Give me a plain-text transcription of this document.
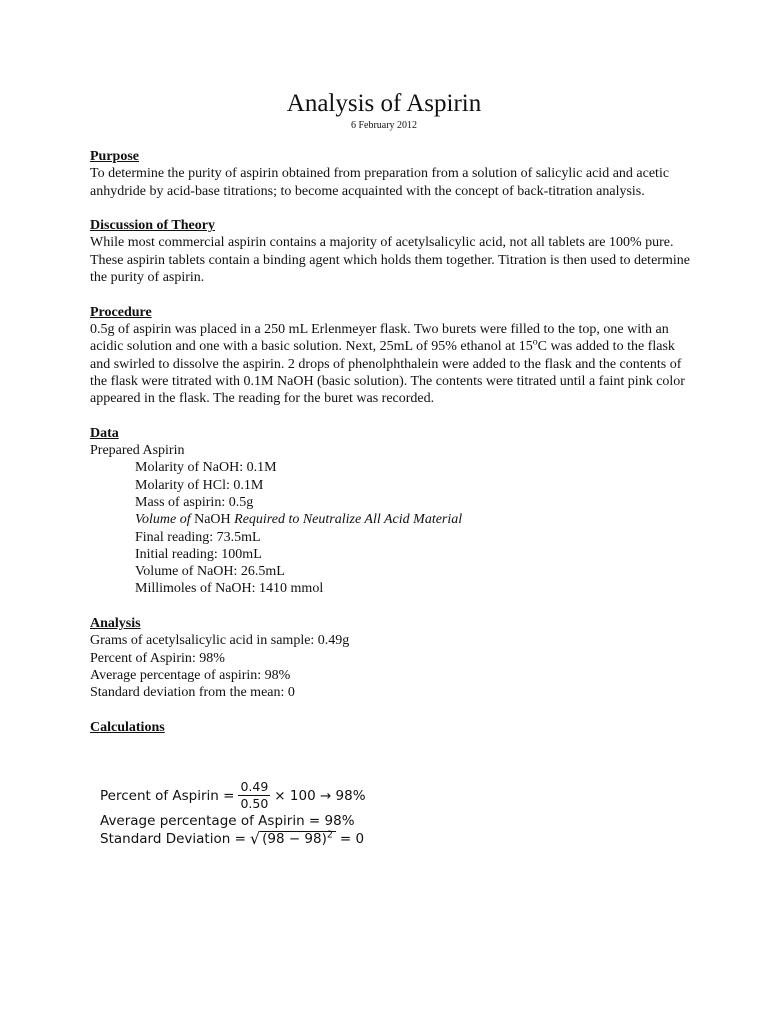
Analysis of Aspirin
6 February 2012
Purpose
To determine the purity of aspirin obtained from preparation from a solution of salicylic acid and acetic anhydride by acid-base titrations; to become acquainted with the concept of back-titration analysis.
Discussion of Theory
While most commercial aspirin contains a majority of acetylsalicylic acid, not all tablets are 100% pure. These aspirin tablets contain a binding agent which holds them together. Titration is then used to determine the purity of aspirin.
Procedure
0.5g of aspirin was placed in a 250 mL Erlenmeyer flask. Two burets were filled to the top, one with an acidic solution and one with a basic solution. Next, 25mL of 95% ethanol at 15$^o$C was added to the flask and swirled to dissolve the aspirin. 2 drops of phenolphthalein were added to the flask and the contents of the flask were titrated with 0.1M NaOH (basic solution). The contents were titrated until a faint pink color appeared in the flask. The reading for the buret was recorded.
Data
Prepared Aspirin
Molarity of NaOH: 0.1M
Molarity of HCl: 0.1M
Mass of aspirin: 0.5g
Volume of NaOH Required to Neutralize All Acid Material
Final reading: 73.5mL
Initial reading: 100mL
Volume of NaOH: 26.5mL
Millimoles of NaOH: 1410 mmol
Analysis
Grams of acetylsalicylic acid in sample: 0.49g
Percent of Aspirin: 98%
Average percentage of aspirin: 98%
Standard deviation from the mean: 0
Calculations
Percent of Aspirin = $\frac{0.49}{0.50} \times 100 \to 98\%$
Average percentage of Aspirin = 98%
Standard Deviation = √ $(98 - 98)^2 = 0$
